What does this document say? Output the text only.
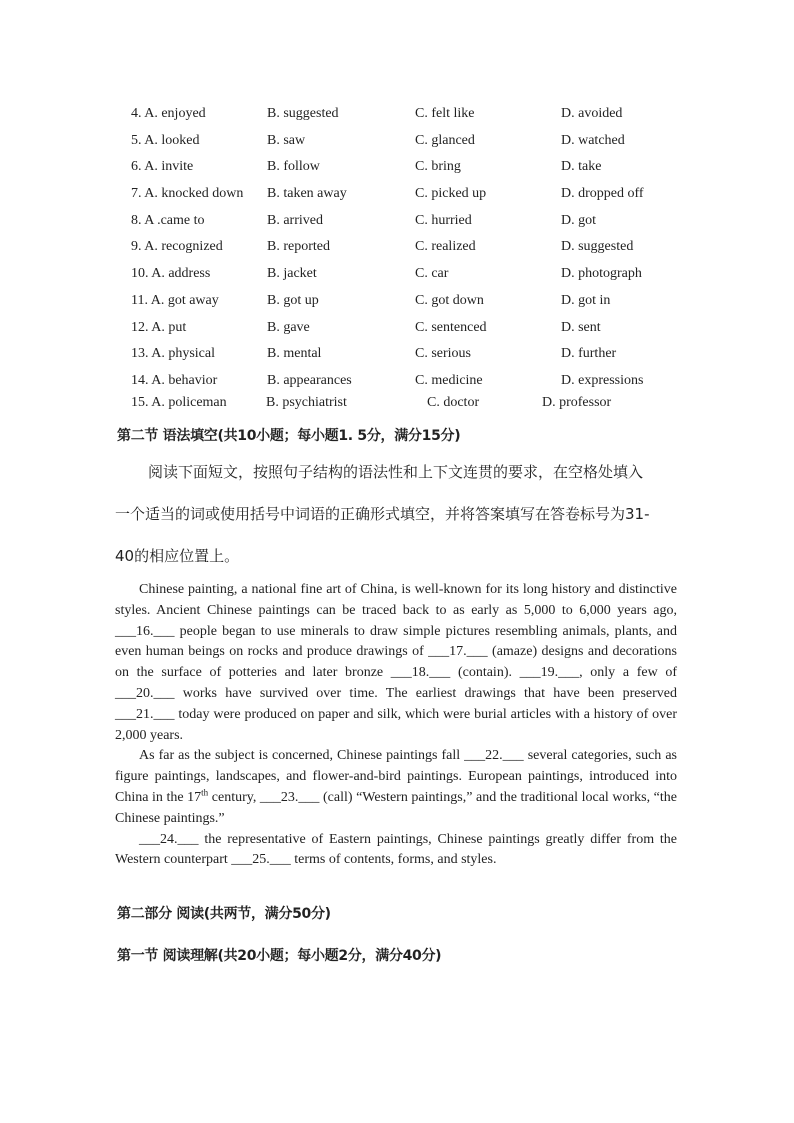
4. A. enjoyed	B. suggested	C. felt like	D. avoided
5. A. looked	B. saw	C. glanced	D. watched
6. A. invite	B. follow	C. bring	D. take
7. A. knocked down B. taken away	C. picked up	D. dropped off
8. A .came to	B. arrived	C. hurried	D. got
9. A. recognized	B. reported	C. realized	D. suggested
10. A. address	B. jacket	C. car	D. photograph
11. A. got away	B. got up	C. got down	D. got in
12. A. put	B. gave	C. sentenced	D. sent
13. A. physical	B. mental	C. serious	D. further
14. A. behavior	B. appearances	C. medicine	D. expressions
15. A. policeman	B. psychiatrist	C. doctor	D. professor
第二节 语法填空(共10小题；每小题1. 5分，满分15分)
阅读下面短文，按照句子结构的语法性和上下文连贯的要求，在空格处填入
一个适当的词或使用括号中词语的正确形式填空，并将答案填写在答卷标号为31-
40的相应位置上。

Chinese painting, a national fine art of China, is well-known for its long history and distinctive styles. Ancient Chinese paintings can be traced back to as early as 5,000 to 6,000 years ago, ___16.___ people began to use minerals to draw simple pictures resembling animals, plants, and even human beings on rocks and produce drawings of ___17.___ (amaze) designs and decorations on the surface of potteries and later bronze ___18.___ (contain). ___19.___, only a few of ___20.___ works have survived over time. The earliest drawings that have been preserved ___21.___ today were produced on paper and silk, which were burial articles with a history of over 2,000 years.

As far as the subject is concerned, Chinese paintings fall ___22.___ several categories, such as figure paintings, landscapes, and flower-and-bird paintings. European paintings, introduced into China in the 17th century, ___23.___ (call) “Western paintings,” and the traditional local works, “the Chinese paintings.”

___24.___ the representative of Eastern paintings, Chinese paintings greatly differ from the Western counterpart ___25.___ terms of contents, forms, and styles.

第二部分 阅读(共两节，满分50分)
第一节 阅读理解(共20小题；每小题2分，满分40分)
